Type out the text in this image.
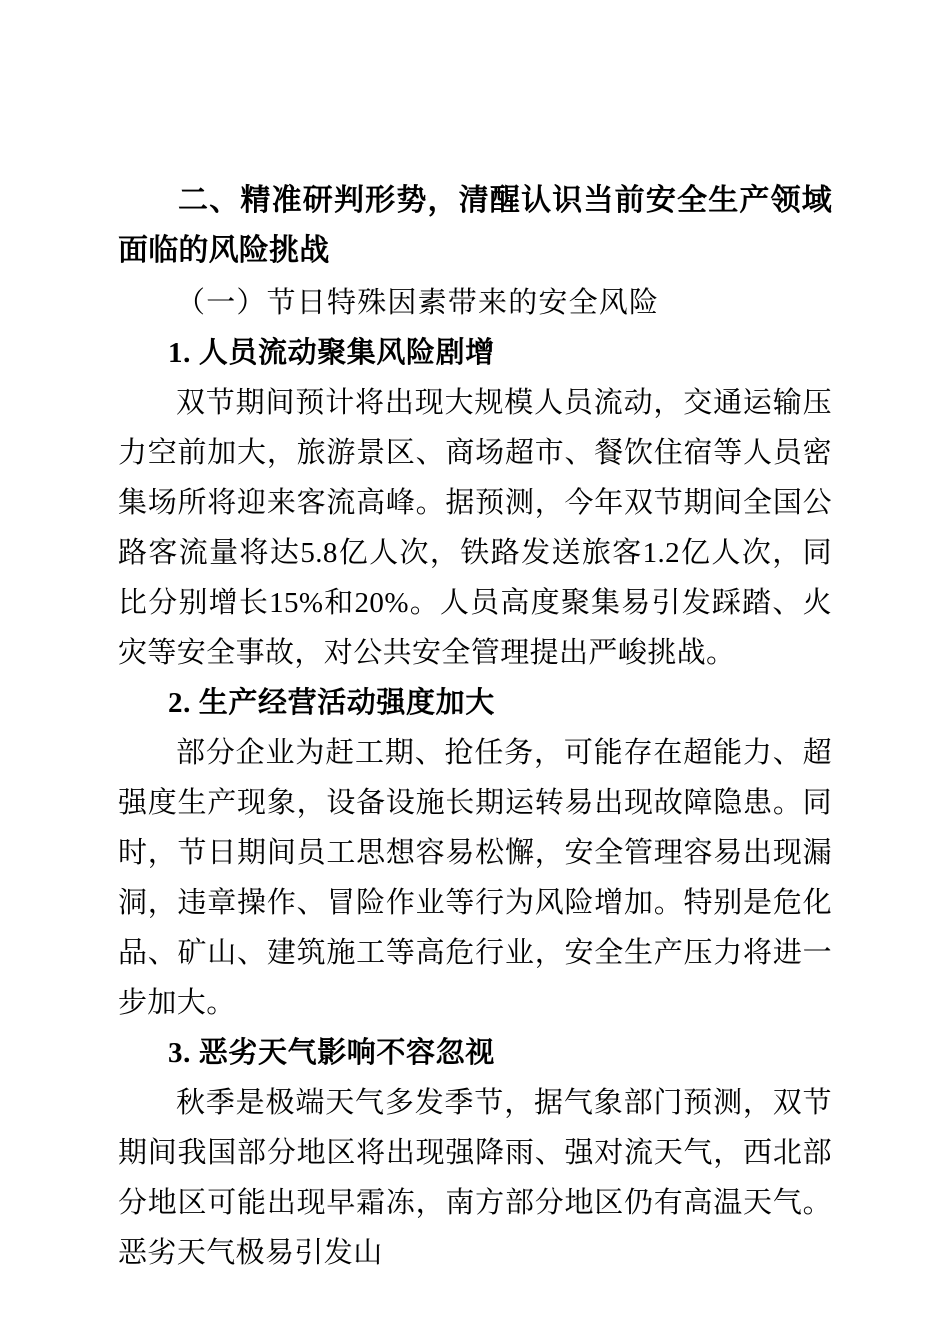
二、精准研判形势，清醒认识当前安全生产领域面临的风险挑战
（一）节日特殊因素带来的安全风险
1. 人员流动聚集风险剧增

双节期间预计将出现大规模人员流动，交通运输压力空前加大，旅游景区、商场超市、餐饮住宿等人员密集场所将迎来客流高峰。据预测，今年双节期间全国公路客流量将达5.8亿人次，铁路发送旅客1.2亿人次，同比分别增长15%和20%。人员高度聚集易引发踩踏、火灾等安全事故，对公共安全管理提出严峻挑战。

2. 生产经营活动强度加大

部分企业为赶工期、抢任务，可能存在超能力、超强度生产现象，设备设施长期运转易出现故障隐患。同时，节日期间员工思想容易松懈，安全管理容易出现漏洞，违章操作、冒险作业等行为风险增加。特别是危化品、矿山、建筑施工等高危行业，安全生产压力将进一步加大。

3. 恶劣天气影响不容忽视

秋季是极端天气多发季节，据气象部门预测，双节期间我国部分地区将出现强降雨、强对流天气，西北部分地区可能出现早霜冻，南方部分地区仍有高温天气。恶劣天气极易引发山
